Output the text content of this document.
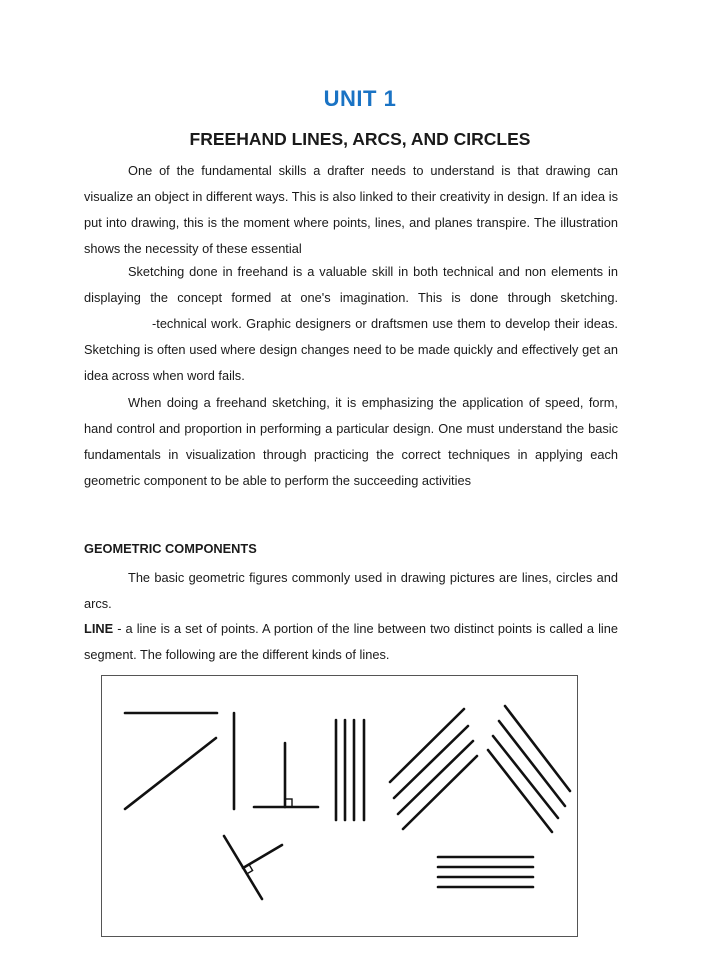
UNIT 1
FREEHAND LINES, ARCS, AND CIRCLES

One of the fundamental skills a drafter needs to understand is that drawing can visualize an object in different ways. This is also linked to their creativity in design. If an idea is put into drawing, this is the moment where points, lines, and planes transpire. The illustration shows the necessity of these essential

Sketching done in freehand is a valuable skill in both technical and non elements in displaying the concept formed at one's imagination. This is done through sketching.-technical work. Graphic designers or draftsmen use them to develop their ideas. Sketching is often used where design changes need to be made quickly and effectively get an idea across when word fails.

When doing a freehand sketching, it is emphasizing the application of speed, form, hand control and proportion in performing a particular design. One must understand the basic fundamentals in visualization through practicing the correct techniques in applying each geometric component to be able to perform the succeeding activities

GEOMETRIC COMPONENTS

The basic geometric figures commonly used in drawing pictures are lines, circles and arcs.

LINE - a line is a set of points. A portion of the line between two distinct points is called a line segment. The following are the different kinds of lines.
